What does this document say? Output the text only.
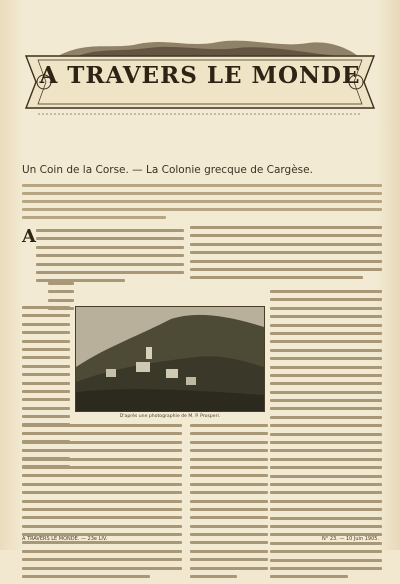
A TRAVERS LE MONDE
Un Coin de la Corse. — La Colonie grecque de Cargèse.
A
D'après une photographie de M. P. Prosperi.
A TRAVERS LE MONDE. — 23e LIV.	N° 23. — 10 Juin 1905.
